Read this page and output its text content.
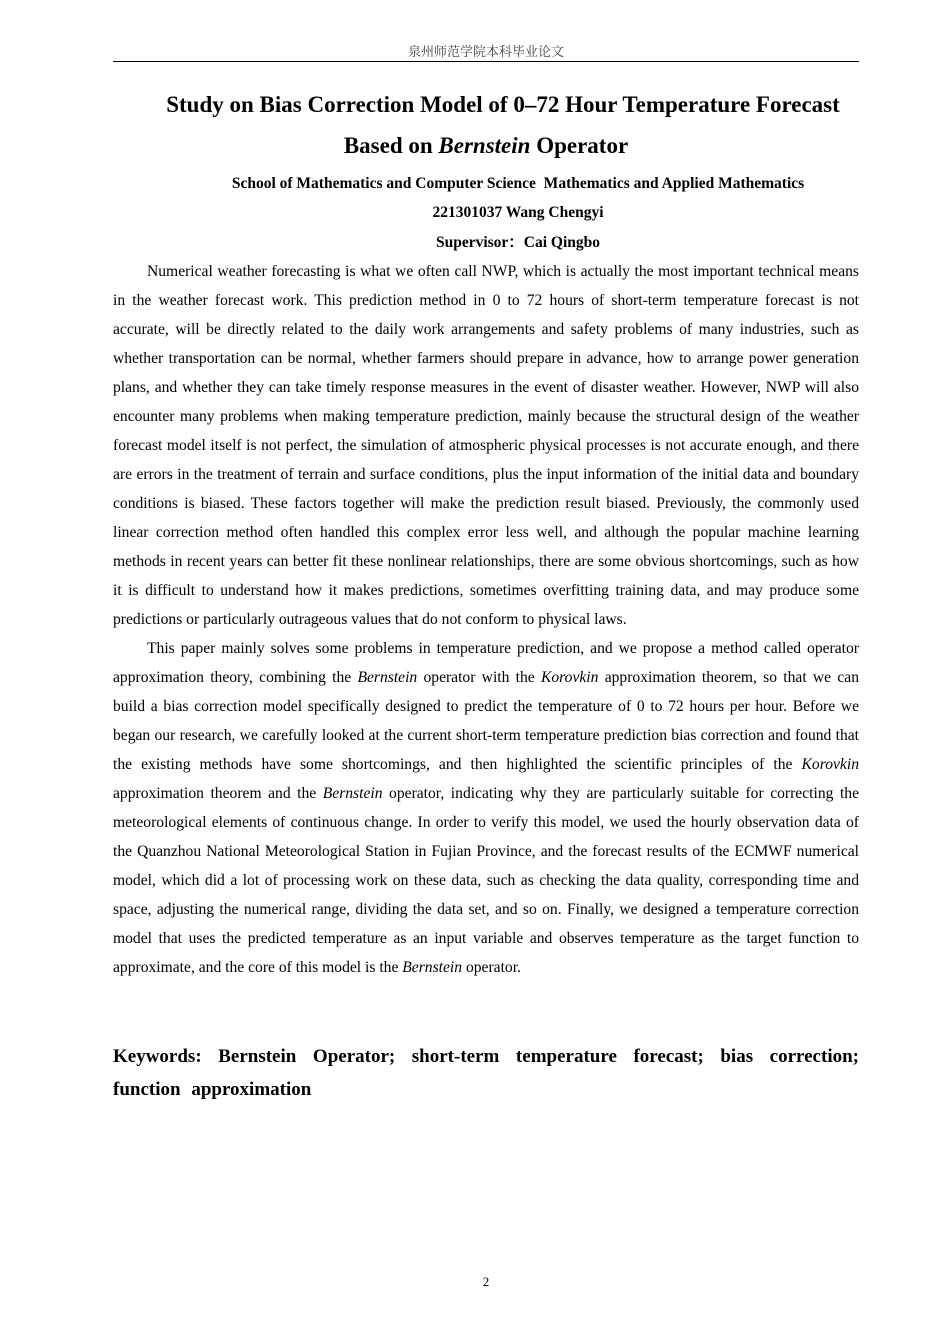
泉州师范学院本科毕业论文
Study on Bias Correction Model of 0–72 Hour Temperature Forecast
Based on Bernstein Operator
School of Mathematics and Computer Science  Mathematics and Applied Mathematics
221301037 Wang Chengyi
Supervisor：Cai Qingbo

Numerical weather forecasting is what we often call NWP, which is actually the most important technical means in the weather forecast work. This prediction method in 0 to 72 hours of short-term temperature forecast is not accurate, will be directly related to the daily work arrangements and safety problems of many industries, such as whether transportation can be normal, whether farmers should prepare in advance, how to arrange power generation plans, and whether they can take timely response measures in the event of disaster weather. However, NWP will also encounter many problems when making temperature prediction, mainly because the structural design of the weather forecast model itself is not perfect, the simulation of atmospheric physical processes is not accurate enough, and there are errors in the treatment of terrain and surface conditions, plus the input information of the initial data and boundary conditions is biased. These factors together will make the prediction result biased. Previously, the commonly used linear correction method often handled this complex error less well, and although the popular machine learning methods in recent years can better fit these nonlinear relationships, there are some obvious shortcomings, such as how it is difficult to understand how it makes predictions, sometimes overfitting training data, and may produce some predictions or particularly outrageous values that do not conform to physical laws.

This paper mainly solves some problems in temperature prediction, and we propose a method called operator approximation theory, combining the Bernstein operator with the Korovkin approximation theorem, so that we can build a bias correction model specifically designed to predict the temperature of 0 to 72 hours per hour. Before we began our research, we carefully looked at the current short-term temperature prediction bias correction and found that the existing methods have some shortcomings, and then highlighted the scientific principles of the Korovkin approximation theorem and the Bernstein operator, indicating why they are particularly suitable for correcting the meteorological elements of continuous change. In order to verify this model, we used the hourly observation data of the Quanzhou National Meteorological Station in Fujian Province, and the forecast results of the ECMWF numerical model, which did a lot of processing work on these data, such as checking the data quality, corresponding time and space, adjusting the numerical range, dividing the data set, and so on. Finally, we designed a temperature correction model that uses the predicted temperature as an input variable and observes temperature as the target function to approximate, and the core of this model is the Bernstein operator.

Keywords: Bernstein Operator; short-term temperature forecast; bias correction; function approximation
2
